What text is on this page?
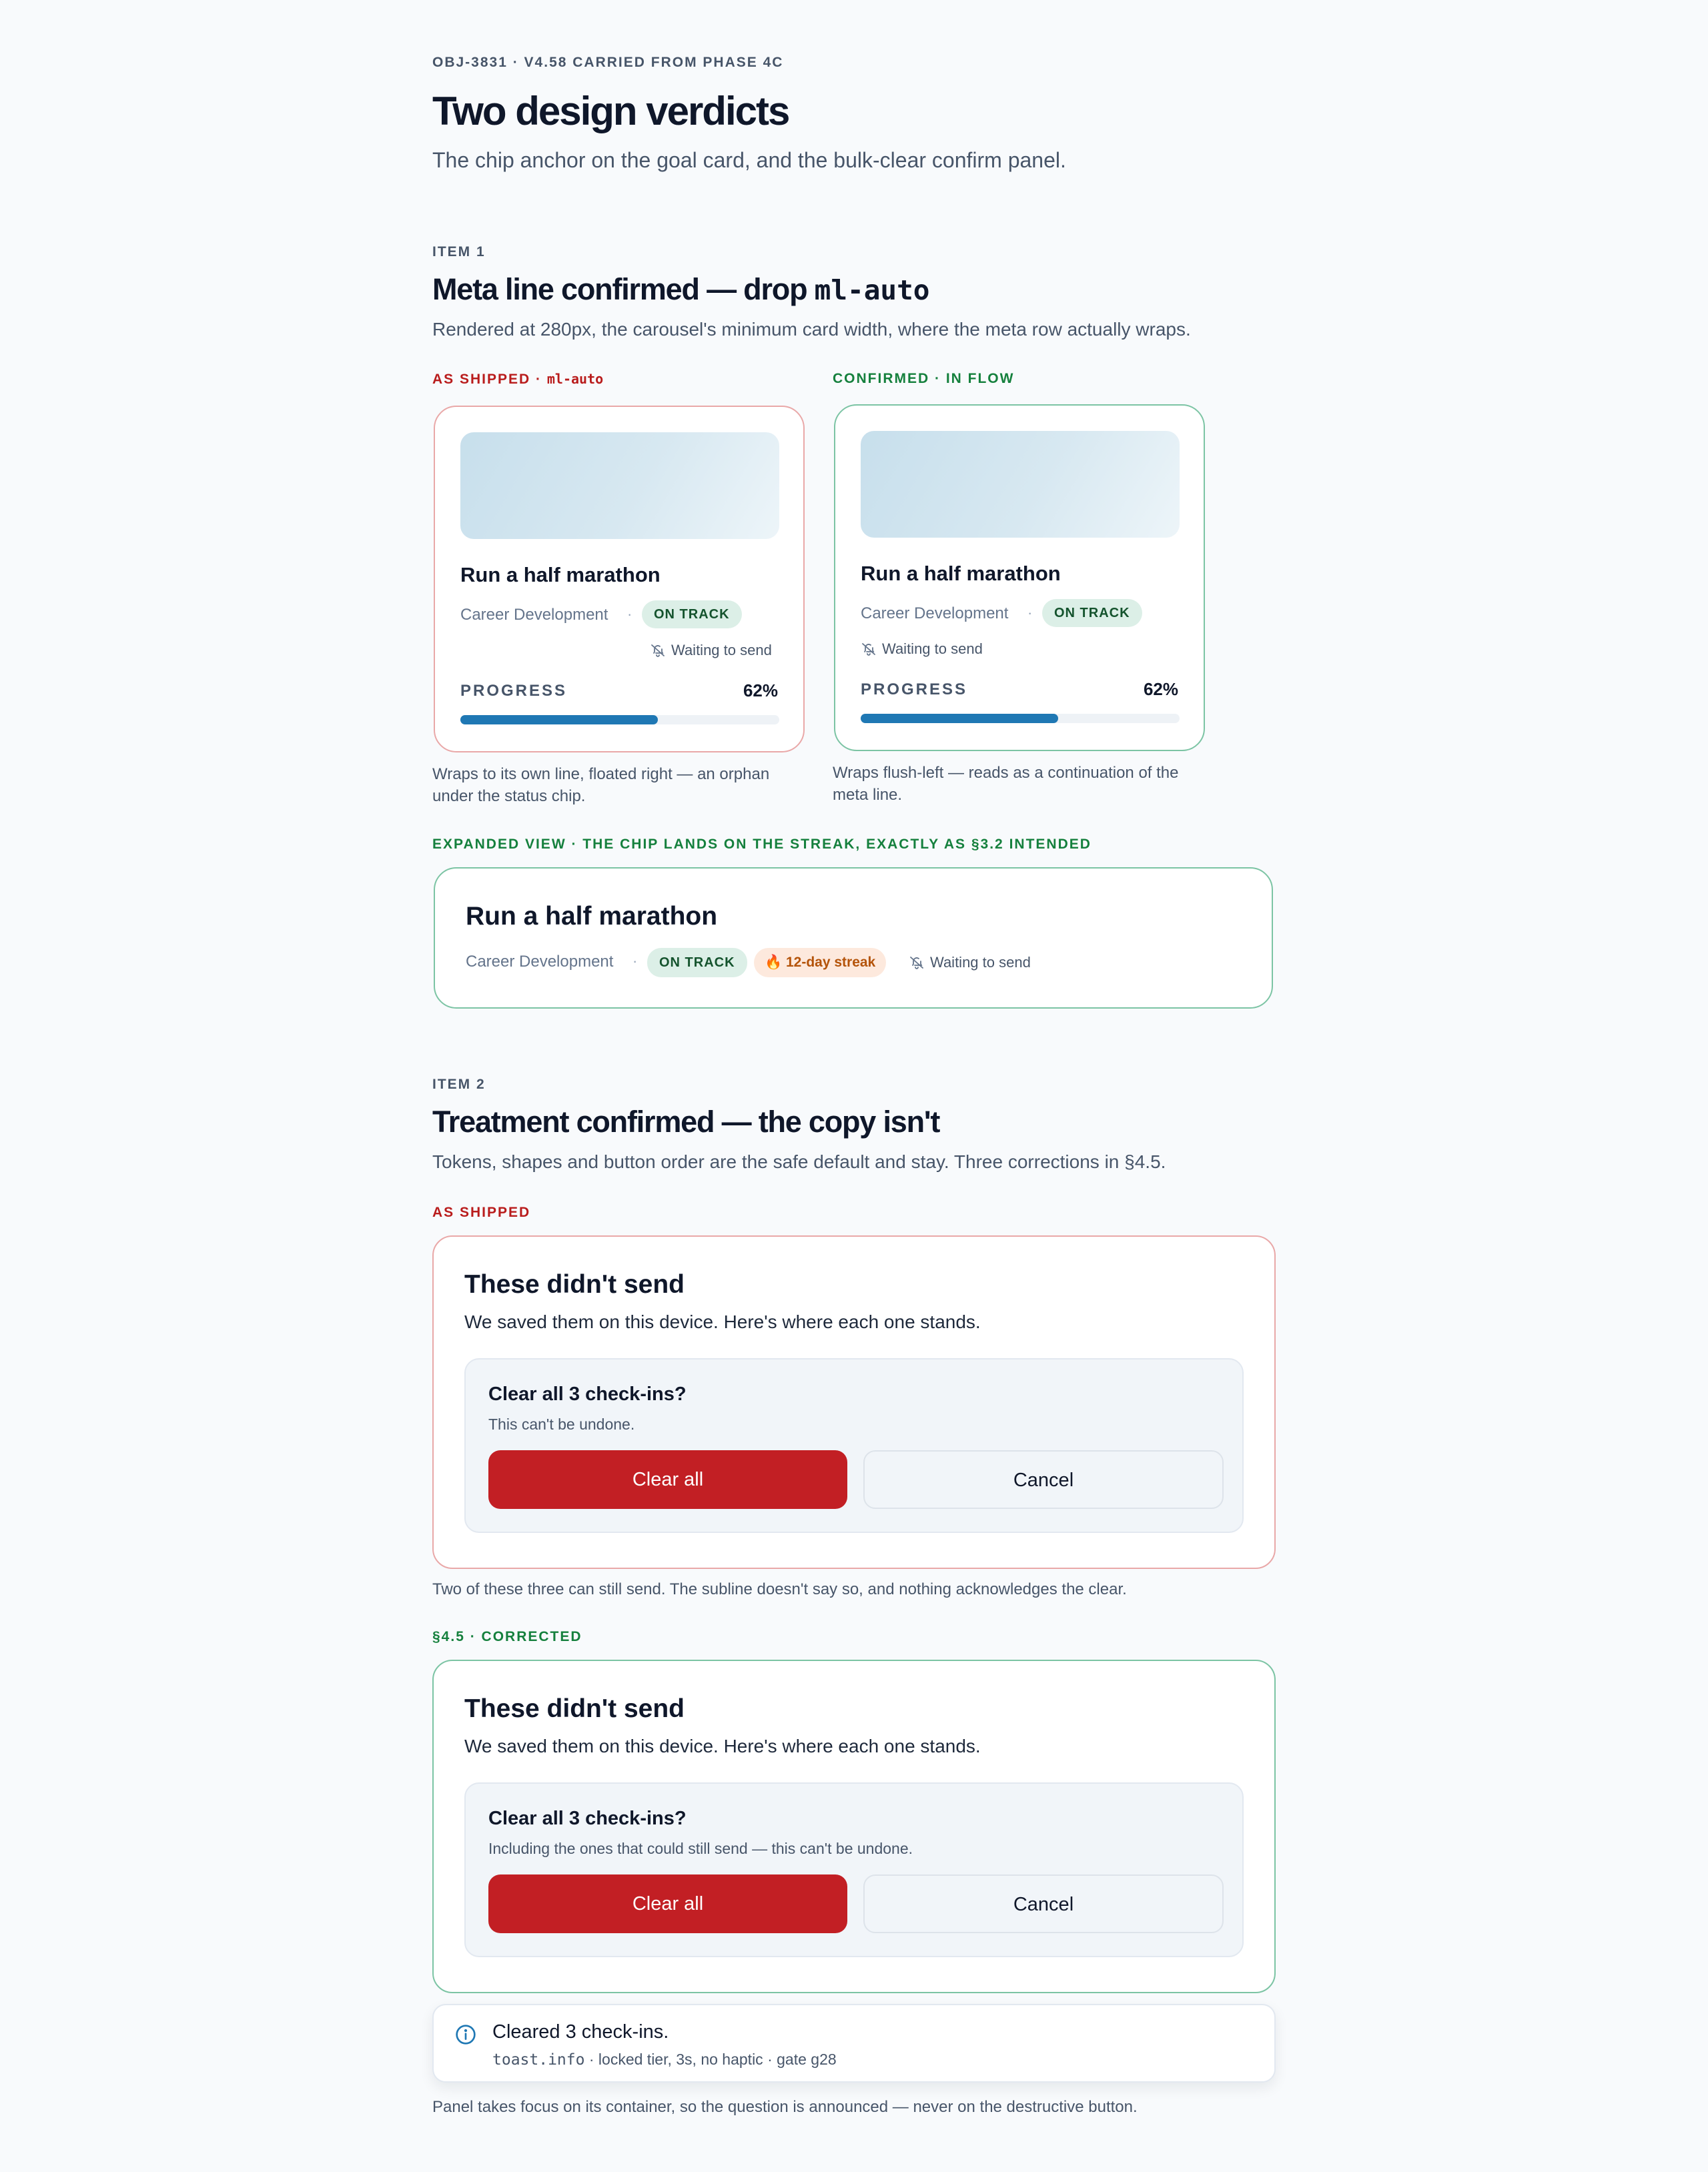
OBJ-3831 · V4.58 CARRIED FROM PHASE 4C
Two design verdicts
The chip anchor on the goal card, and the bulk-clear confirm panel.
ITEM 1
Meta line confirmed — drop ml-auto
Rendered at 280px, the carousel's minimum card width, where the meta row actually wraps.
AS SHIPPED · ml-auto	CONFIRMED · IN FLOW
Run a half marathon
Career Development ·	ON TRACK
Waiting to send
PROGRESS	62%
Wraps to its own line, floated right — an orphan
under the status chip.
Run a half marathon
Career Development ·	ON TRACK
Waiting to send
PROGRESS	62%
Wraps flush-left — reads as a continuation of the
meta line.
EXPANDED VIEW · THE CHIP LANDS ON THE STREAK, EXACTLY AS §3.2 INTENDED
Run a half marathon
Career Development ·	ON TRACK	🔥 12-day streak	Waiting to send
ITEM 2
Treatment confirmed — the copy isn't
Tokens, shapes and button order are the safe default and stay. Three corrections in §4.5.
AS SHIPPED
These didn't send
We saved them on this device. Here's where each one stands.
Clear all 3 check-ins?
This can't be undone.
Clear all	Cancel
Two of these three can still send. The subline doesn't say so, and nothing acknowledges the clear.
§4.5 · CORRECTED
These didn't send
We saved them on this device. Here's where each one stands.
Clear all 3 check-ins?
Including the ones that could still send — this can't be undone.
Clear all	Cancel
Cleared 3 check-ins.
toast.info · locked tier, 3s, no haptic · gate g28
Panel takes focus on its container, so the question is announced — never on the destructive button.
